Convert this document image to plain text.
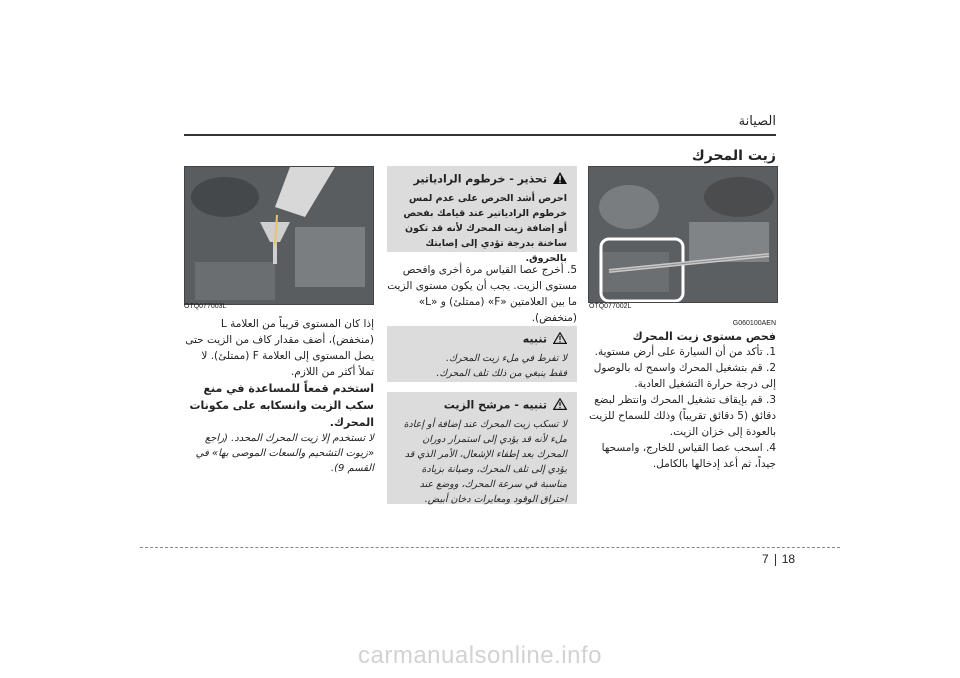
الصيانة
زيت المحرك
OTQ077002L
G060100AEN
فحص مستوى زيت المحرك
1. تأكد من أن السيارة على أرض مستوية.
2. قم بتشغيل المحرك واسمح له بالوصول إلى درجة حرارة التشغيل العادية.
3. قم بإيقاف تشغيل المحرك وانتظر لبضع دقائق (5 دقائق تقريباً) وذلك للسماح للزيت بالعودة إلى خزان الزيت.
4. اسحب عصا القياس للخارج، وامسحها جيداً، ثم أعد إدخالها بالكامل.
تحذير - خرطوم الرادياتير
احرص أشد الحرص على عدم لمس خرطوم الرادياتير عند قيامك بفحص أو إضافة زيت المحرك لأنه قد تكون ساخنة بدرجة تؤدي إلى إصابتك بالحروق.
5. أخرج عصا القياس مرة أخرى وافحص مستوى الزيت. يجب أن يكون مستوى الزيت ما بين العلامتين «F» (ممتلئ) و «L» (منخفض).
تنبيه
لا تفرط في ملء زيت المحرك.
فقط ينبغي من ذلك تلف المحرك.
تنبيه - مرشح الزيت
لا تسكب زيت المحرك عند إضافة أو إعادة ملء لأنه قد يؤدي إلى استمرار دوران المحرك بعد إطفاء الإشعال، الأمر الذي قد يؤدي إلى تلف المحرك، وصيانة بزيادة مناسبة في سرعة المحرك، ووضع عند احتراق الوقود ومعايرات دخان أبيض.
OTQ077003L
إذا كان المستوى قريباً من العلامة L (منخفض)، أضف مقدار كاف من الزيت حتى يصل المستوى إلى العلامة F (ممتلئ). لا تملأ أكثر من اللازم.
استخدم قمعاً للمساعدة في منع سكب الزيت وانسكابه على مكونات المحرك.
لا تستخدم إلا زيت المحرك المحدد. (راجع «زيوت التشحيم والسعات الموصى بها» في القسم 9).
7 18
carmanualsonline.info
